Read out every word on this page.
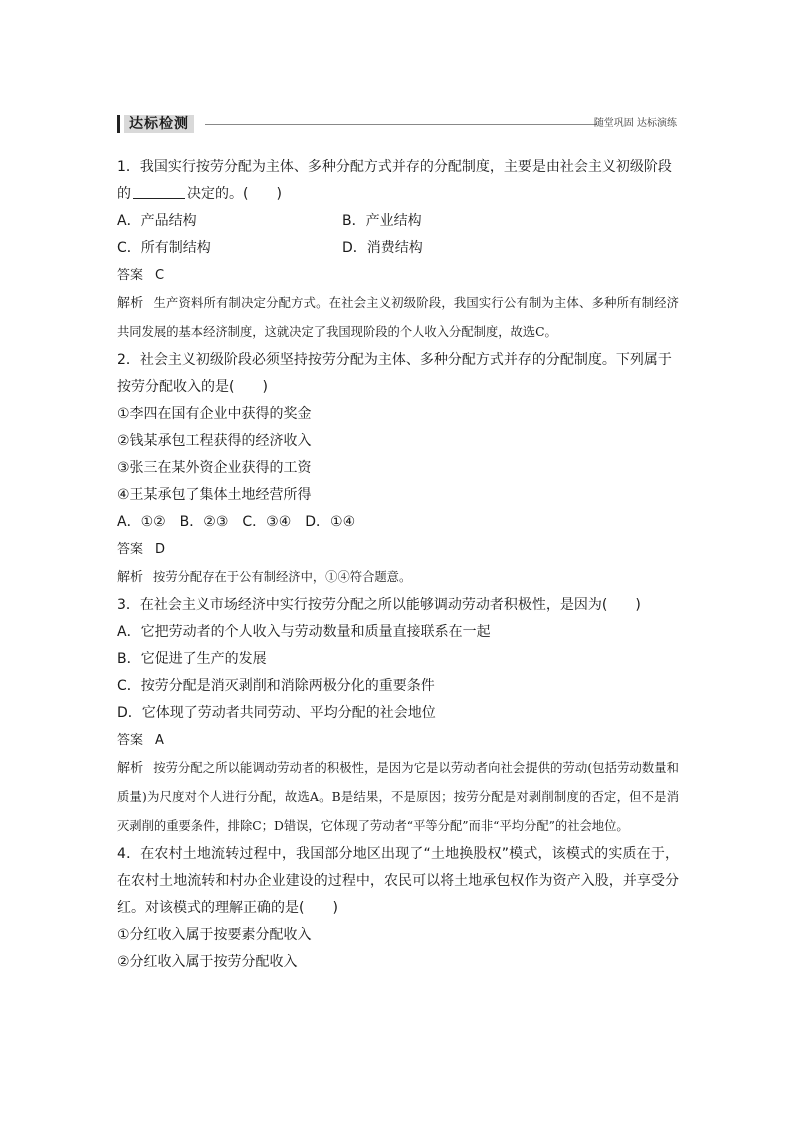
达标检测	随堂巩固 达标演练
1．我国实行按劳分配为主体、多种分配方式并存的分配制度，主要是由社会主义初级阶段
的	决定的。(　　)
A．产品结构	B．产业结构
C．所有制结构	D．消费结构
答案 C
解析 生产资料所有制决定分配方式。在社会主义初级阶段，我国实行公有制为主体、多种所有制经济共同发展的基本经济制度，这就决定了我国现阶段的个人收入分配制度，故选C。
2．社会主义初级阶段必须坚持按劳分配为主体、多种分配方式并存的分配制度。下列属于
按劳分配收入的是(　　)
①李四在国有企业中获得的奖金
②钱某承包工程获得的经济收入
③张三在某外资企业获得的工资
④王某承包了集体土地经营所得
A．①②　B．②③　C．③④　D．①④
答案 D
解析 按劳分配存在于公有制经济中，①④符合题意。
3．在社会主义市场经济中实行按劳分配之所以能够调动劳动者积极性，是因为(　　)
A．它把劳动者的个人收入与劳动数量和质量直接联系在一起
B．它促进了生产的发展
C．按劳分配是消灭剥削和消除两极分化的重要条件
D．它体现了劳动者共同劳动、平均分配的社会地位
答案 A
解析 按劳分配之所以能调动劳动者的积极性，是因为它是以劳动者向社会提供的劳动(包括劳动数量和质量)为尺度对个人进行分配，故选A。B是结果，不是原因；按劳分配是对剥削制度的否定，但不是消灭剥削的重要条件，排除C；D错误，它体现了劳动者“平等分配”而非“平均分配”的社会地位。
4．在农村土地流转过程中，我国部分地区出现了“土地换股权”模式，该模式的实质在于，在农村土地流转和村办企业建设的过程中，农民可以将土地承包权作为资产入股，并享受分红。对该模式的理解正确的是(　　)
①分红收入属于按要素分配收入
②分红收入属于按劳分配收入
